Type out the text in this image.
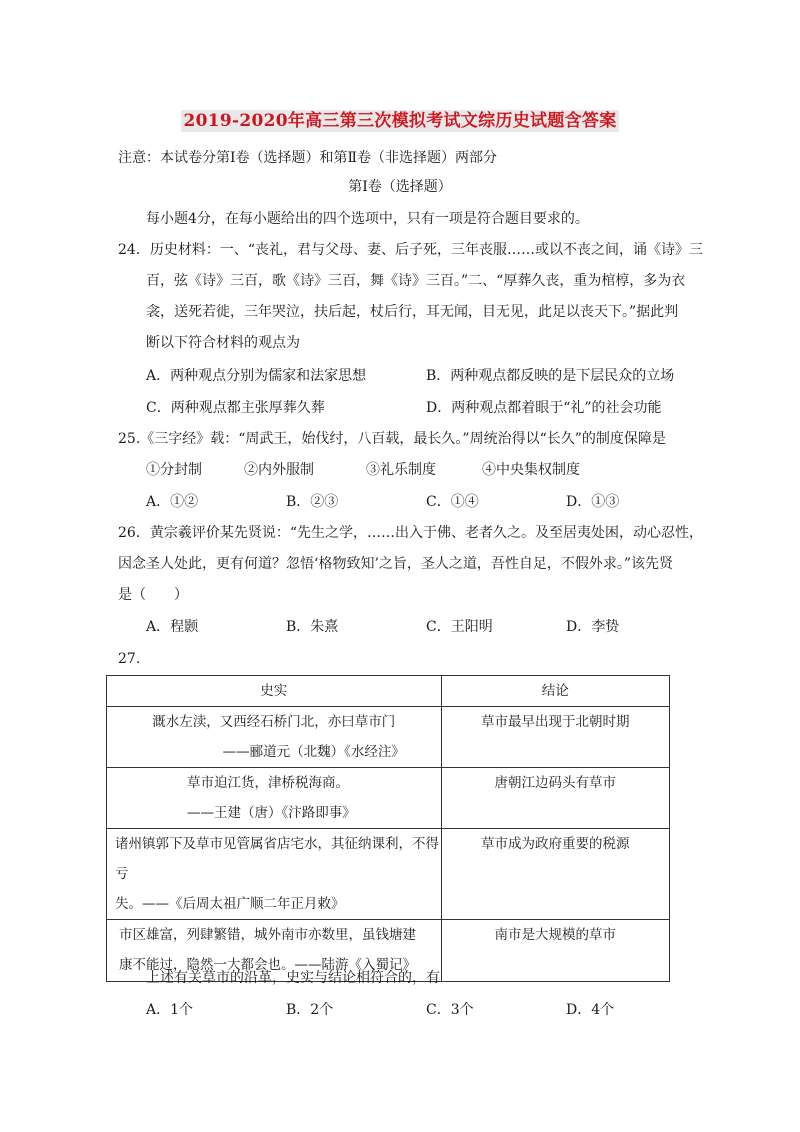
2019-2020年高三第三次模拟考试文综历史试题含答案
注意：本试卷分第Ⅰ卷（选择题）和第Ⅱ卷（非选择题）两部分
第Ⅰ卷（选择题）
每小题4分，在每小题给出的四个选项中，只有一项是符合题目要求的。
24．历史材料：一、“丧礼，君与父母、妻、后子死，三年丧服……或以不丧之间，诵《诗》三
百，弦《诗》三百，歌《诗》三百，舞《诗》三百。”二、“厚葬久丧，重为棺椁，多为衣
衾，送死若徙，三年哭泣，扶后起，杖后行，耳无闻，目无见，此足以丧天下。”据此判
断以下符合材料的观点为
A．两种观点分别为儒家和法家思想	B．两种观点都反映的是下层民众的立场
C．两种观点都主张厚葬久葬	D．两种观点都着眼于“礼”的社会功能
25.《三字经》载：“周武王，始伐纣，八百载，最长久。”周统治得以“长久”的制度保障是
①分封制	②内外服制	③礼乐制度	④中央集权制度
A．①②	B．②③	C．①④	D．①③
26．黄宗羲评价某先贤说：“先生之学，……出入于佛、老者久之。及至居夷处困，动心忍性，
因念圣人处此，更有何道？忽悟‘格物致知’之旨，圣人之道，吾性自足，不假外求。”该先贤
是（　　）
A．程颢	B．朱熹	C．王阳明	D．李贽
27.
史实	结论

溉水左渎，又西经石桥门北，亦曰草市门
——郦道元（北魏）《水经注》	草市最早出现于北朝时期

草市迫江货，津桥税海商。
——王建（唐）《汴路即事》	唐朝江边码头有草市

诸州镇郭下及草市见管属省店宅水，其征纳课利，不得亏
失。——《后周太祖广顺二年正月敕》	草市成为政府重要的税源

市区雄富，列肆繁错，城外南市亦数里，虽钱塘建
康不能过，隐然一大都会也。——陆游《入蜀记》	南市是大规模的草市
上述有关草市的沿革，史实与结论相符合的，有
A．1个	B．2个	C．3个	D．4个
